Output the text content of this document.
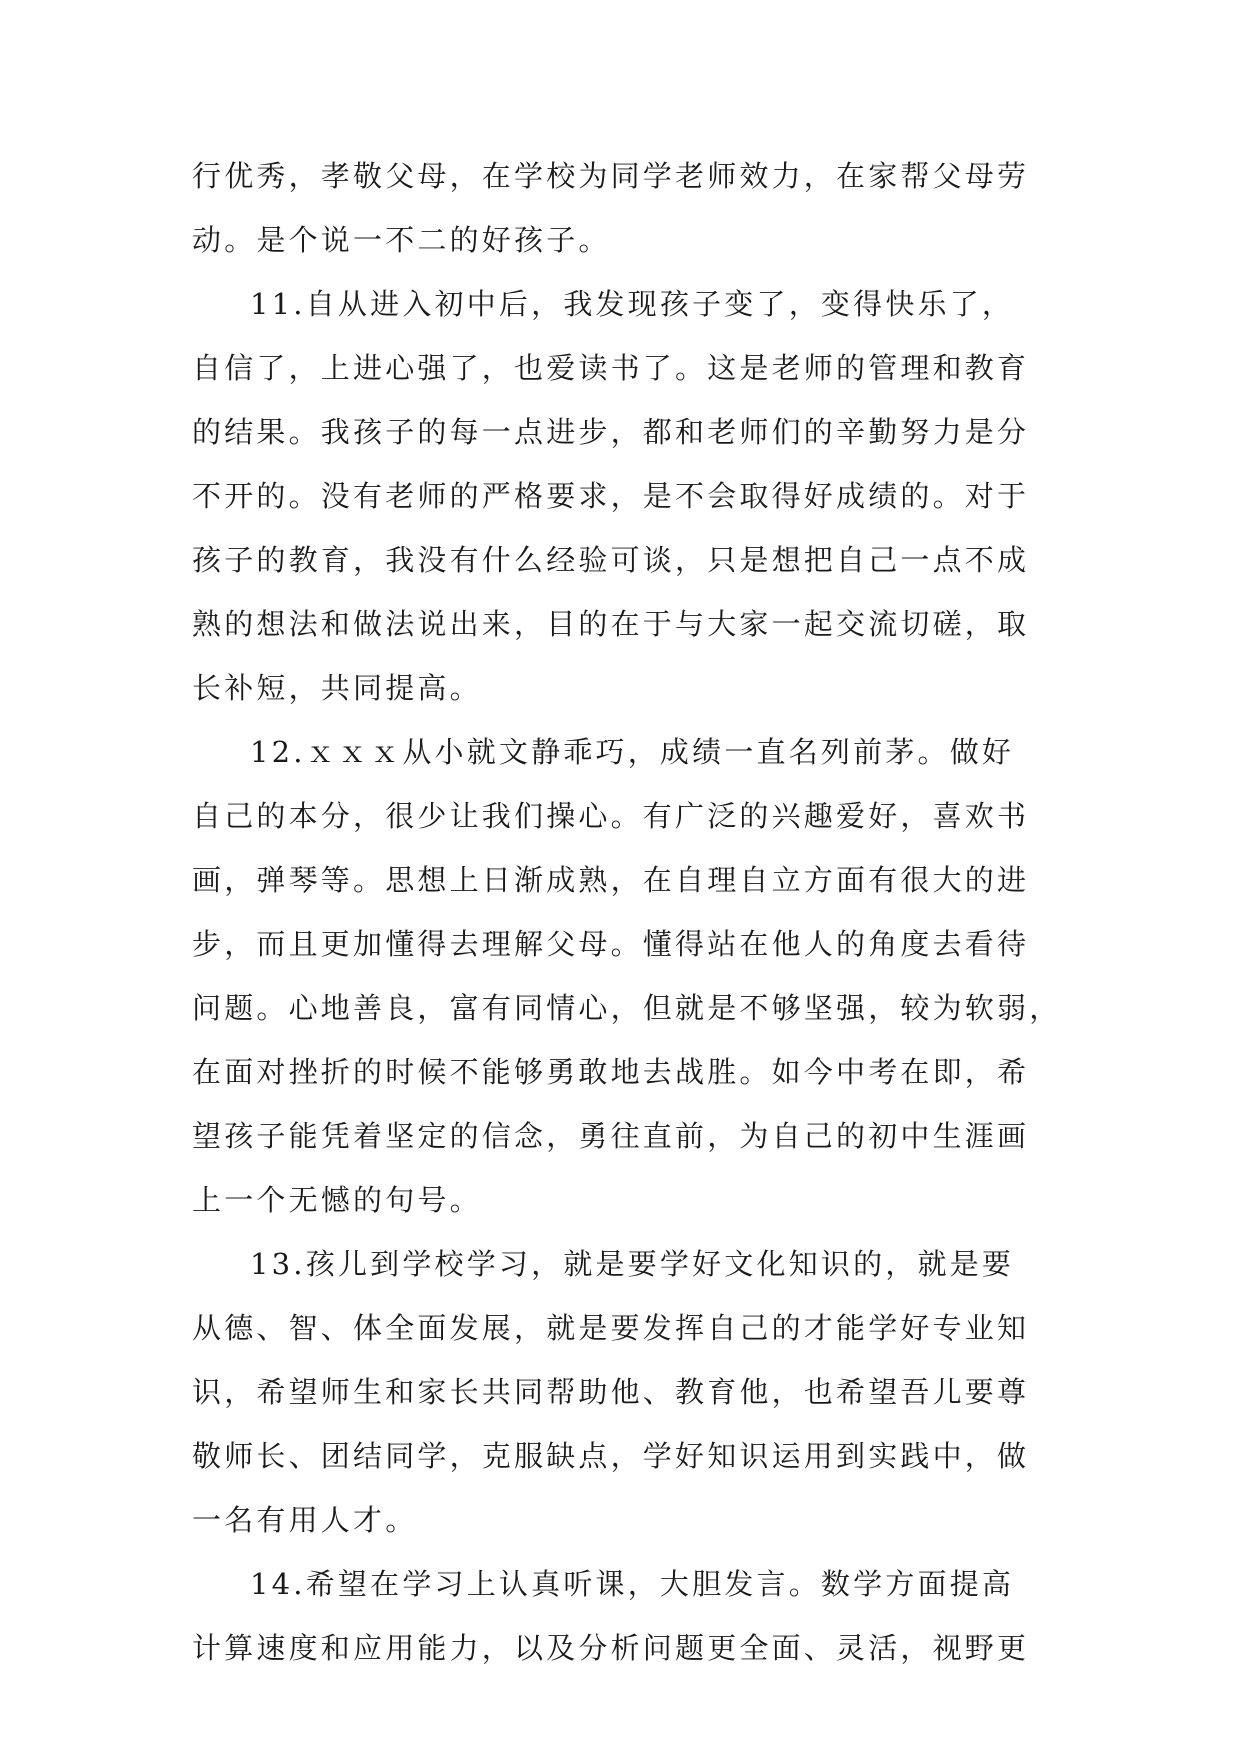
行优秀，孝敬父母，在学校为同学老师效力，在家帮父母劳
动。是个说一不二的好孩子。
11.自从进入初中后，我发现孩子变了，变得快乐了，
自信了，上进心强了，也爱读书了。这是老师的管理和教育
的结果。我孩子的每一点进步，都和老师们的辛勤努力是分
不开的。没有老师的严格要求，是不会取得好成绩的。对于
孩子的教育，我没有什么经验可谈，只是想把自己一点不成
熟的想法和做法说出来，目的在于与大家一起交流切磋，取
长补短，共同提高。
12.ｘｘｘ从小就文静乖巧，成绩一直名列前茅。做好
自己的本分，很少让我们操心。有广泛的兴趣爱好，喜欢书
画，弹琴等。思想上日渐成熟，在自理自立方面有很大的进
步，而且更加懂得去理解父母。懂得站在他人的角度去看待
问题。心地善良，富有同情心，但就是不够坚强，较为软弱，
在面对挫折的时候不能够勇敢地去战胜。如今中考在即，希
望孩子能凭着坚定的信念，勇往直前，为自己的初中生涯画
上一个无憾的句号。
13.孩儿到学校学习，就是要学好文化知识的，就是要
从德、智、体全面发展，就是要发挥自己的才能学好专业知
识，希望师生和家长共同帮助他、教育他，也希望吾儿要尊
敬师长、团结同学，克服缺点，学好知识运用到实践中，做
一名有用人才。
14.希望在学习上认真听课，大胆发言。数学方面提高
计算速度和应用能力，以及分析问题更全面、灵活，视野更
